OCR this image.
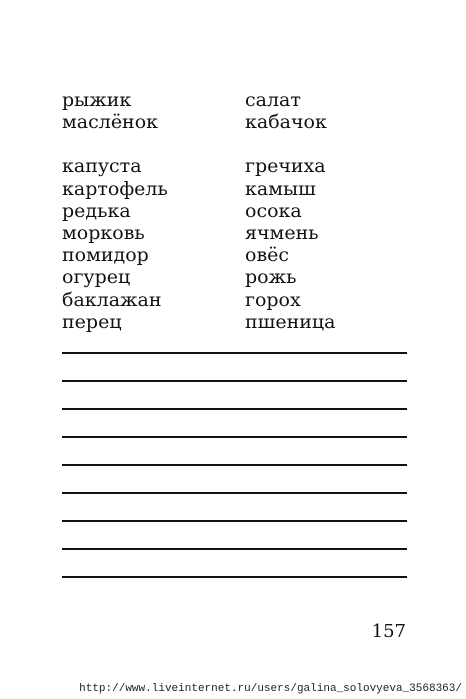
рыжик
маслёнок
капуста
картофель
редька
морковь
помидор
огурец
баклажан
перец
салат
кабачок
гречиха
камыш
осока
ячмень
овёс
рожь
горох
пшеница
157
http://www.liveinternet.ru/users/galina_solovyeva_3568363/
